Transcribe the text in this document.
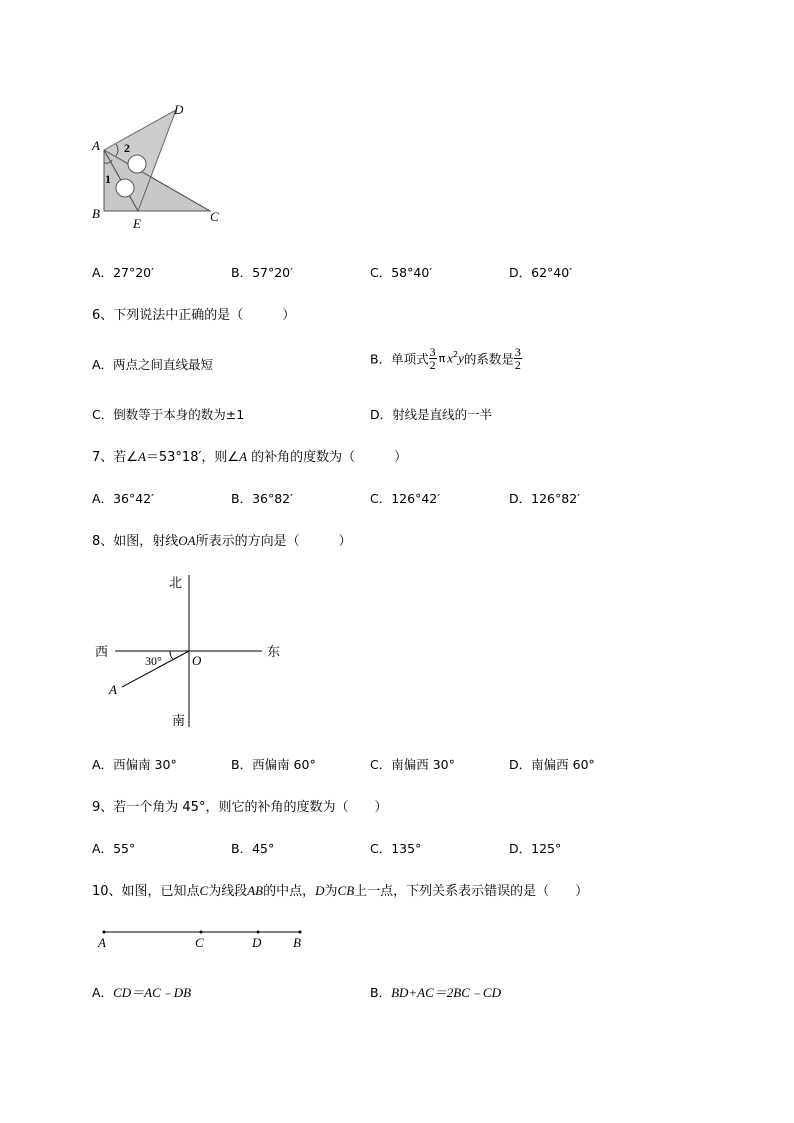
A
B	C
D
E
2
1
A．27°20′	B．57°20′	C．58°40′	D．62°40′
6、下列说法中正确的是（　　　）
A．两点之间直线最短	B．单项式 $\frac{3}{2}$ π $x^2y$的系数是 $\frac{3}{2}$
C．倒数等于本身的数为±1	D．射线是直线的一半
7、若∠A＝53°18′，则∠A 的补角的度数为（　　　）
A．36°42′	B．36°82′	C．126°42′	D．126°82′
8、如图，射线OA所表示的方向是（　　　）
北
南
西	东
O
A
30°
A．西偏南 30°	B．西偏南 60°	C．南偏西 30°	D．南偏西 60°
9、若一个角为 45°，则它的补角的度数为（　　）
A．55°	B．45°	C．135°	D．125°
10、如图，已知点C为线段AB的中点，D为CB上一点，下列关系表示错误的是（　　）
A	C	D B
A．CD＝AC﹣DB	B．BD+AC＝2BC﹣CD
